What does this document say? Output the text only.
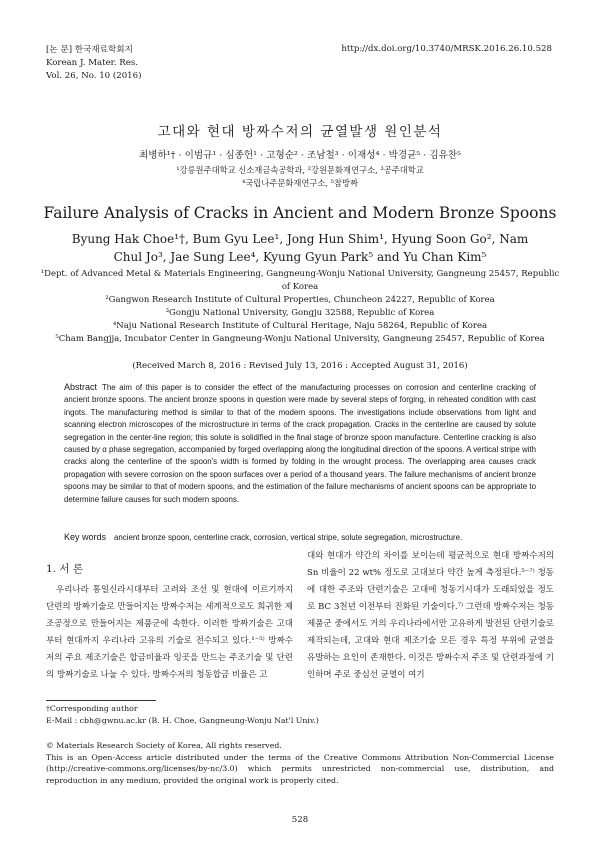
[논 문] 한국재료학회지
Korean J. Mater. Res.
Vol. 26, No. 10 (2016)
http://dx.doi.org/10.3740/MRSK.2016.26.10.528
고대와 현대 방짜수저의 균열발생 원인분석
최병하¹† · 이범규¹ · 심종헌¹ · 고형순² · 조남철³ · 이재성⁴ · 박경균⁵ · 김유찬⁵
¹강릉원주대학교 신소재금속공학과, ²강원문화재연구소, ³공주대학교
⁴국립나주문화재연구소, ⁵참방짜
Failure Analysis of Cracks in Ancient and Modern Bronze Spoons
Byung Hak Choe¹†, Bum Gyu Lee¹, Jong Hun Shim¹, Hyung Soon Go², Nam Chul Jo³, Jae Sung Lee⁴, Kyung Gyun Park⁵ and Yu Chan Kim⁵
¹Dept. of Advanced Metal & Materials Engineering, Gangneung-Wonju National University, Gangneung 25457, Republic of Korea
²Gangwon Research Institute of Cultural Properties, Chuncheon 24227, Republic of Korea
³Gongju National University, Gongju 32588, Republic of Korea
⁴Naju National Research Institute of Cultural Heritage, Naju 58264, Republic of Korea
⁵Cham Bangjja, Incubator Center in Gangneung-Wonju National University, Gangneung 25457, Republic of Korea
(Received March 8, 2016 : Revised July 13, 2016 : Accepted August 31, 2016)
Abstract The aim of this paper is to consider the effect of the manufacturing processes on corrosion and centerline cracking of ancient bronze spoons. The ancient bronze spoons in question were made by several steps of forging, in reheated condition with cast ingots. The manufacturing method is similar to that of the modern spoons. The investigations include observations from light and scanning electron microscopes of the microstructure in terms of the crack propagation. Cracks in the centerline are caused by solute segregation in the center-line region; this solute is solidified in the final stage of bronze spoon manufacture. Centerline cracking is also caused by α phase segregation, accompanied by forged overlapping along the longitudinal direction of the spoons. A vertical stripe with cracks along the centerline of the spoon's width is formed by folding in the wrought process. The overlapping area causes crack propagation with severe corrosion on the spoon surfaces over a period of a thousand years. The failure mechanisms of ancient bronze spoons may be similar to that of modern spoons, and the estimation of the failure mechanisms of ancient spoons can be appropriate to determine failure causes for such modern spoons.
Key words ancient bronze spoon, centerline crack, corrosion, vertical stripe, solute segregation, microstructure.
1. 서 론
우리나라 통일신라시대부터 고려와 조선 및 현대에 이르기까지 단련의 방짜기술로 만들어지는 방짜수저는 세계적으로도 희귀한 제조공정으로 만들어지는 제품군에 속한다. 이러한 방짜기술은 고대부터 현대까지 우리나라 고유의 기술로 전수되고 있다.¹⁻⁵⁾ 방짜수저의 주요 제조기술은 합금비율과 잉곳을 만드는 주조기술 및 단련의 방짜기술로 나눌 수 있다. 방짜수저의 청동합금 비율은 고
대와 현대가 약간의 차이를 보이는데 평균적으로 현대 방짜수저의 Sn 비율이 22 wt% 정도로 고대보다 약간 높게 측정된다.⁵⁻⁷⁾ 청동에 대한 주조와 단련기술은 고대에 청동기시대가 도래되었을 정도로 BC 3천년 이전부터 진화된 기술이다.⁷⁾ 그런데 방짜수저는 청동 제품군 중에서도 거의 우리나라에서만 고유하게 발전된 단련기술로 제작되는데, 고대와 현대 제조기술 모든 경우 특정 부위에 균열을 유발하는 요인이 존재한다. 이것은 방짜수저 주조 및 단련과정에 기인하며 주로 중심선 균열이 여기
†Corresponding author
E-Mail : cbh@gwnu.ac.kr (B. H. Choe, Gangneung-Wonju Nat'l Univ.)
© Materials Research Society of Korea, All rights reserved.
This is an Open-Access article distributed under the terms of the Creative Commons Attribution Non-Commercial License (http://creative-commons.org/licenses/by-nc/3.0) which permits unrestricted non-commercial use, distribution, and reproduction in any medium, provided the original work is properly cited.
528
